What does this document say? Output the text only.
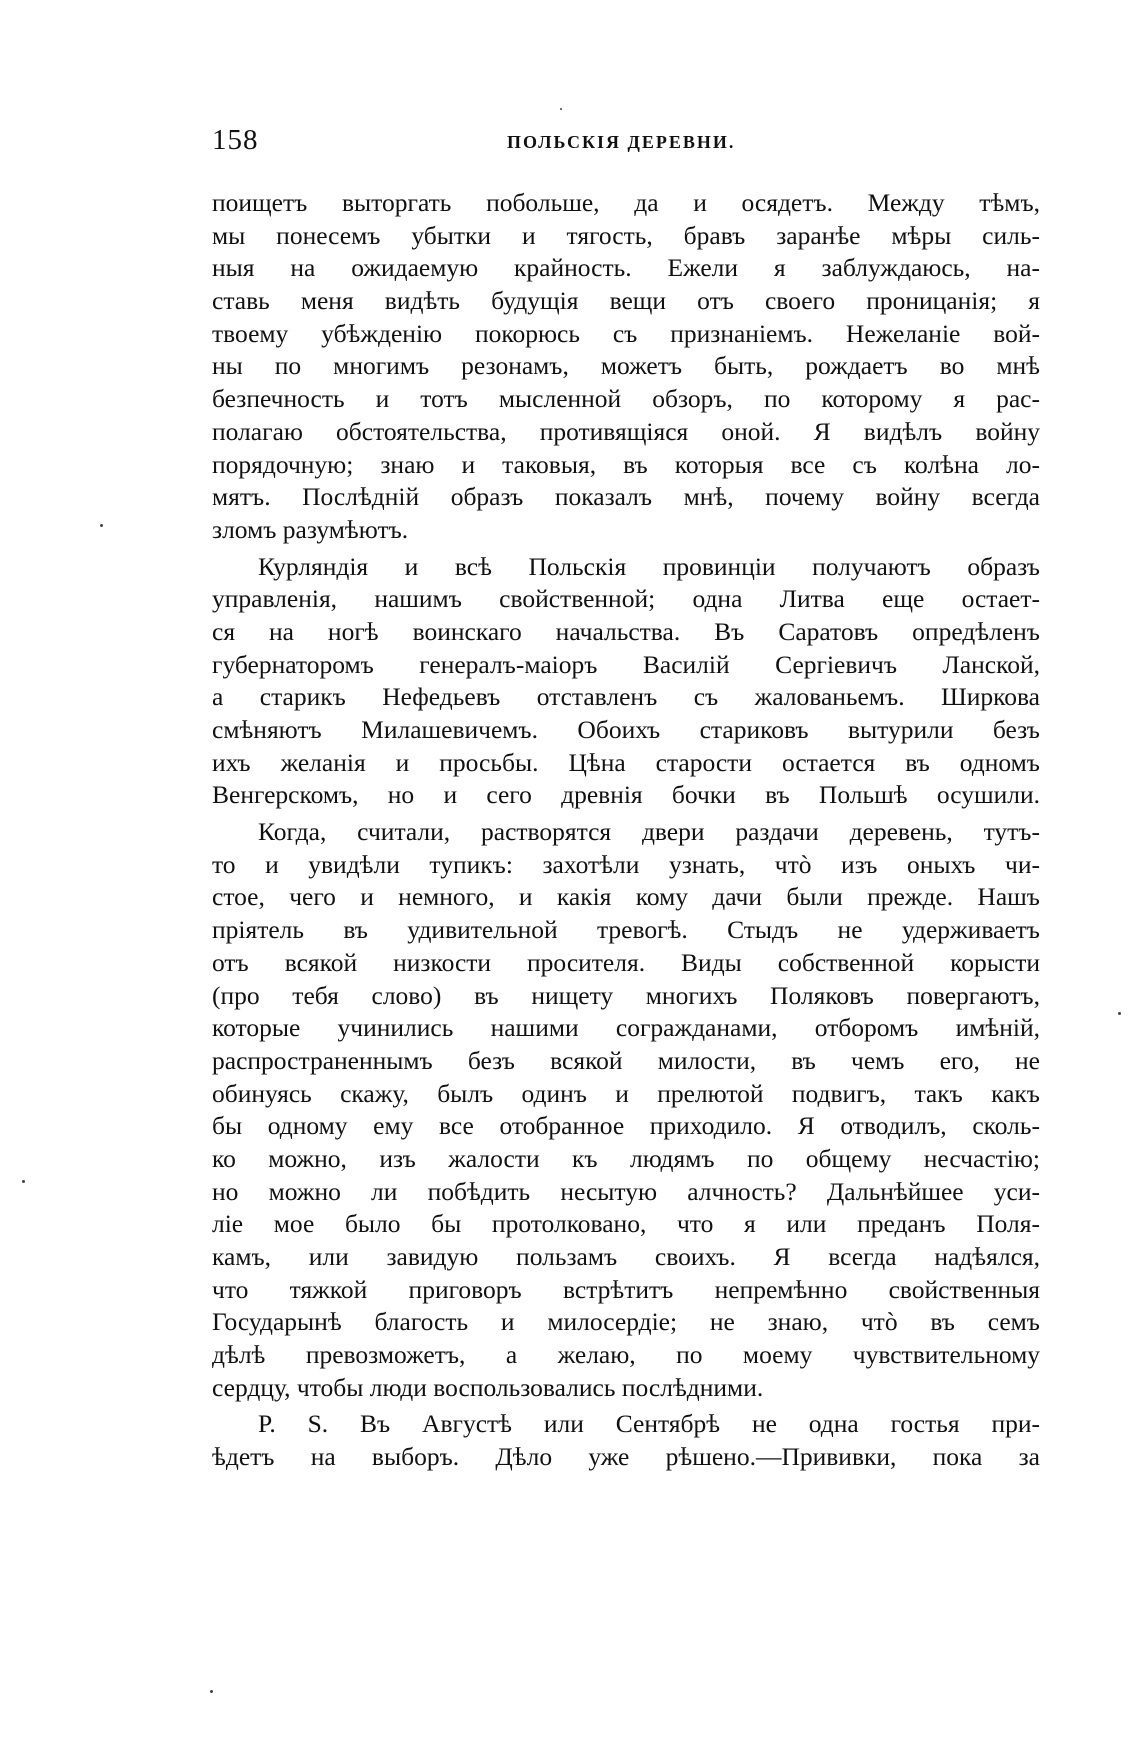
158	ПОЛЬСКІЯ ДЕРЕВНИ.
поищетъ выторгать побольше, да и осядетъ. Между тѣмъ,
мы понесемъ убытки и тягость, бравъ заранѣе мѣры силь-
ныя на ожидаемую крайность. Ежели я заблуждаюсь, на-
ставь меня видѣть будущія вещи отъ своего проницанія; я
твоему убѣжденію покорюсь съ признаніемъ. Нежеланіе вой-
ны по многимъ резонамъ, можетъ быть, рождаетъ во мнѣ
безпечность и тотъ мысленной обзоръ, по которому я рас-
полагаю обстоятельства, противящіяся оной. Я видѣлъ войну
порядочную; знаю и таковыя, въ которыя все съ колѣна ло-
мятъ. Послѣдній образъ показалъ мнѣ, почему войну всегда
зломъ разумѣютъ.
Курляндія и всѣ Польскія провинціи получаютъ образъ
управленія, нашимъ свойственной; одна Литва еще остает-
ся на ногѣ воинскаго начальства. Въ Саратовъ опредѣленъ
губернаторомъ генералъ-маіоръ Василій Сергіевичъ Ланской,
а старикъ Нефедьевъ отставленъ съ жалованьемъ. Ширкова
смѣняютъ Милашевичемъ. Обоихъ стариковъ вытурили безъ
ихъ желанія и просьбы. Цѣна старости остается въ одномъ
Венгерскомъ, но и сего древнія бочки въ Польшѣ осушили.
Когда, считали, растворятся двери раздачи деревень, тутъ-
то и увидѣли тупикъ: захотѣли узнать, чтò изъ оныхъ чи-
стое, чего и немного, и какія кому дачи были прежде. Нашъ
пріятель въ удивительной тревогѣ. Стыдъ не удерживаетъ
отъ всякой низкости просителя. Виды собственной корысти
(про тебя слово) въ нищету многихъ Поляковъ повергаютъ,
которые учинились нашими согражданами, отборомъ имѣній,
распространеннымъ безъ всякой милости, въ чемъ его, не
обинуясь скажу, былъ одинъ и прелютой подвигъ, такъ какъ
бы одному ему все отобранное приходило. Я отводилъ, сколь-
ко можно, изъ жалости къ людямъ по общему несчастію;
но можно ли побѣдить несытую алчность? Дальнѣйшее уси-
ліе мое было бы протолковано, что я или преданъ Поля-
камъ, или завидую пользамъ своихъ. Я всегда надѣялся,
что тяжкой приговоръ встрѣтитъ непремѣнно свойственныя
Государынѣ благость и милосердіе; не знаю, чтò въ семъ
дѣлѣ превозможетъ, а желаю, по моему чувствительному
сердцу, чтобы люди воспользовались послѣдними.
P. S. Въ Августѣ или Сентябрѣ не одна гостья при-
ѣдетъ на выборъ. Дѣло уже рѣшено.—Прививки, пока за
